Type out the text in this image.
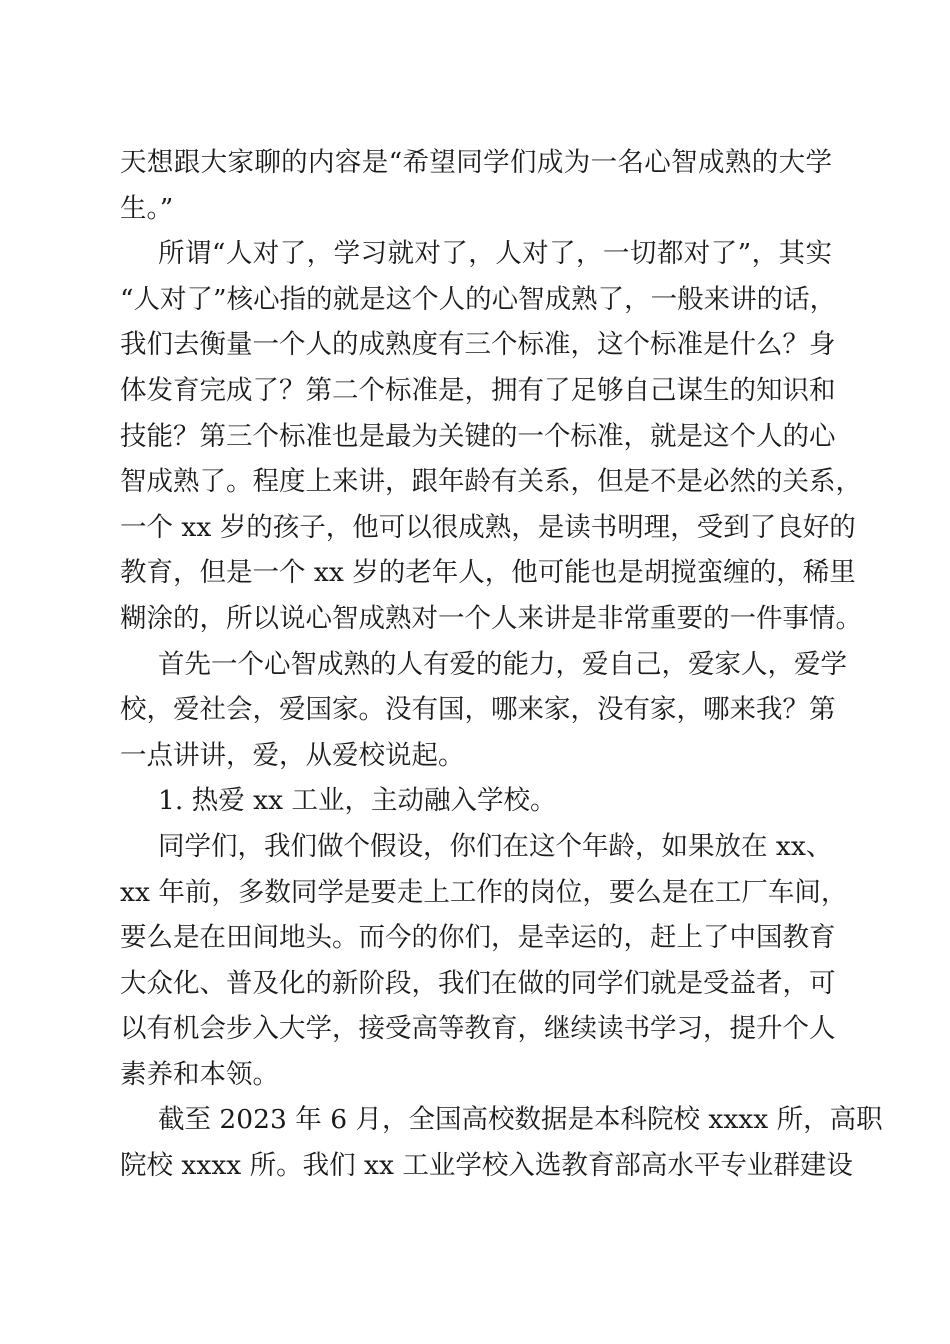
天想跟大家聊的内容是“希望同学们成为一名心智成熟的大学
生。”
所谓“人对了，学习就对了，人对了，一切都对了”，其实
“人对了”核心指的就是这个人的心智成熟了，一般来讲的话，
我们去衡量一个人的成熟度有三个标准，这个标准是什么？身
体发育完成了？第二个标准是，拥有了足够自己谋生的知识和
技能？第三个标准也是最为关键的一个标准，就是这个人的心
智成熟了。程度上来讲，跟年龄有关系，但是不是必然的关系，
一个 xx 岁的孩子，他可以很成熟，是读书明理，受到了良好的
教育，但是一个 xx 岁的老年人，他可能也是胡搅蛮缠的，稀里
糊涂的，所以说心智成熟对一个人来讲是非常重要的一件事情。
首先一个心智成熟的人有爱的能力，爱自己，爱家人，爱学
校，爱社会，爱国家。没有国，哪来家，没有家，哪来我？第
一点讲讲，爱，从爱校说起。
1. 热爱 xx 工业，主动融入学校。
同学们，我们做个假设，你们在这个年龄，如果放在 xx、
xx 年前，多数同学是要走上工作的岗位，要么是在工厂车间，
要么是在田间地头。而今的你们，是幸运的，赶上了中国教育
大众化、普及化的新阶段，我们在做的同学们就是受益者，可
以有机会步入大学，接受高等教育，继续读书学习，提升个人
素养和本领。
截至 2023 年 6 月，全国高校数据是本科院校 xxxx 所，高职
院校 xxxx 所。我们 xx 工业学校入选教育部高水平专业群建设
